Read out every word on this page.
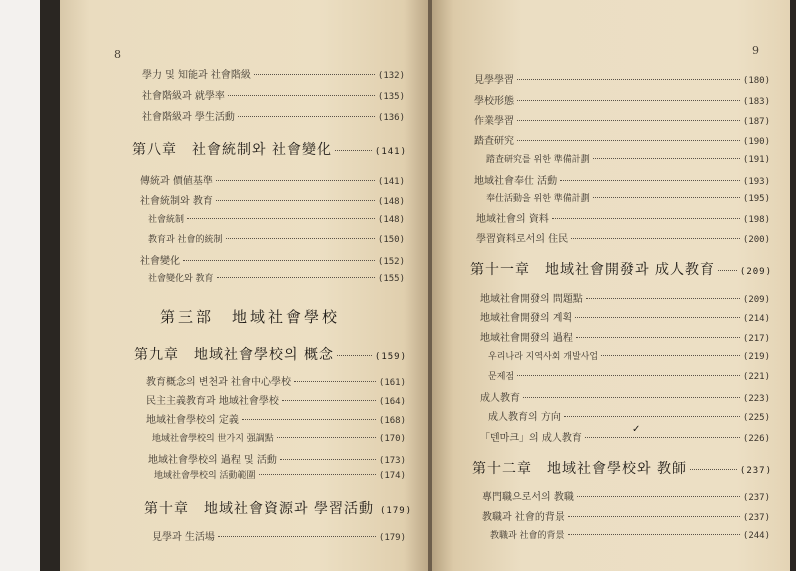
8
學力 및 知能과 社會階級	(132)
社會階級과 就學率	(135)
社會階級과 學生活動	(136)
第八章　社會統制와 社會變化	(141)
傳統과 價値基準	(141)
社會統制와 教育	(148)
社會統制	(148)
教育과 社會的統制	(150)
社會變化	(152)
社會變化와 教育	(155)
第三部　地域社會學校
第九章　地域社會學校의 概念	(159)
教育概念의 변천과 社會中心學校	(161)
民主主義教育과 地域社會學校	(164)
地域社會學校의 定義	(168)
地域社會學校의 世가지 强調點	(170)
地域社會學校의 過程 및 活動	(173)
地域社會學校의 活動範圍	(174)
第十章　地域社會資源과 學習活動 (179)
見學과 生活場	(179)
9
見學學習	(180)
學校形態	(183)
作業學習	(187)
踏査研究	(190)
踏査研究를 위한 準備計劃	(191)
地域社會奉仕 活動	(193)
奉仕活動을 위한 準備計劃	(195)
地域社會의 資料	(198)
學習資料로서의 住民	(200)
第十一章　地域社會開發과 成人教育	(209)
地域社會開發의 問題點	(209)
地域社會開發의 계획	(214)
地域社會開發의 過程	(217)
우리나라 지역사회 개발사업	(219)
문제점	(221)
成人教育	(223)
成人教育의 方向	(225)
「덴마크」의 成人教育	(226)
✓
第十二章　地域社會學校와 教師	(237)
專門職으로서의 教職	(237)
教職과 社會的背景	(237)
教職과 社會的背景	(244)
